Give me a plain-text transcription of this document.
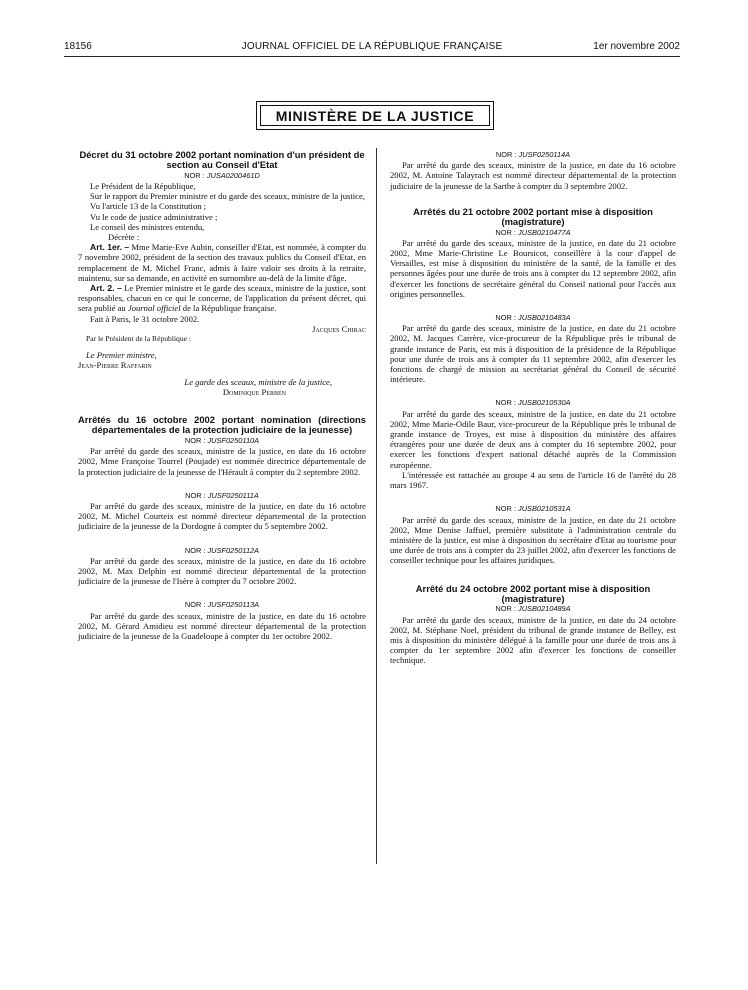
18156	JOURNAL OFFICIEL DE LA RÉPUBLIQUE FRANÇAISE	1er novembre 2002
MINISTÈRE DE LA JUSTICE

Décret du 31 octobre 2002 portant nomination d'un président de section au Conseil d'Etat

NOR : JUSA0200461D

Le Président de la République,

Sur le rapport du Premier ministre et du garde des sceaux, ministre de la justice,

Vu l'article 13 de la Constitution ;

Vu le code de justice administrative ;

Le conseil des ministres entendu,

Décrète :

Art. 1er. – Mme Marie-Eve Aubin, conseiller d'Etat, est nommée, à compter du 7 novembre 2002, président de la section des travaux publics du Conseil d'Etat, en remplacement de M. Michel Franc, admis à faire valoir ses droits à la retraite, maintenu, sur sa demande, en activité en surnombre au-delà de la limite d'âge.

Art. 2. – Le Premier ministre et le garde des sceaux, ministre de la justice, sont responsables, chacun en ce qui le concerne, de l'application du présent décret, qui sera publié au Journal officiel de la République française.

Fait à Paris, le 31 octobre 2002.

Jacques Chirac

Par le Président de la République :

Le Premier ministre,

Jean-Pierre Raffarin

Le garde des sceaux, ministre de la justice,

Dominique Perben

Arrêtés du 16 octobre 2002 portant nomination (directions départementales de la protection judiciaire de la jeunesse)

NOR : JUSF0250110A

Par arrêté du garde des sceaux, ministre de la justice, en date du 16 octobre 2002, Mme Françoise Tourrel (Poujade) est nommée directrice départementale de la protection judiciaire de la jeunesse de l'Hérault à compter du 2 septembre 2002.

NOR : JUSF0250111A

Par arrêté du garde des sceaux, ministre de la justice, en date du 16 octobre 2002, M. Michel Courteix est nommé directeur départemental de la protection judiciaire de la jeunesse de la Dordogne à compter du 5 septembre 2002.

NOR : JUSF0250112A

Par arrêté du garde des sceaux, ministre de la justice, en date du 16 octobre 2002, M. Max Delphin est nommé directeur départemental de la protection judiciaire de la jeunesse de l'Isère à compter du 7 octobre 2002.

NOR : JUSF0250113A

Par arrêté du garde des sceaux, ministre de la justice, en date du 16 octobre 2002, M. Gérard Amidieu est nommé directeur départemental de la protection judiciaire de la jeunesse de la Guadeloupe à compter du 1er octobre 2002.

NOR : JUSF0250114A

Par arrêté du garde des sceaux, ministre de la justice, en date du 16 octobre 2002, M. Antoine Talayrach est nommé directeur départemental de la protection judiciaire de la jeunesse de la Sarthe à compter du 3 septembre 2002.

Arrêtés du 21 octobre 2002 portant mise à disposition (magistrature)

NOR : JUSB0210477A

Par arrêté du garde des sceaux, ministre de la justice, en date du 21 octobre 2002, Mme Marie-Christine Le Boursicot, conseillère à la cour d'appel de Versailles, est mise à disposition du ministère de la santé, de la famille et des personnes âgées pour une durée de trois ans à compter du 12 septembre 2002, afin d'exercer les fonctions de secrétaire général du Conseil national pour l'accès aux origines personnelles.

NOR : JUSB0210483A

Par arrêté du garde des sceaux, ministre de la justice, en date du 21 octobre 2002, M. Jacques Carrère, vice-procureur de la République près le tribunal de grande instance de Paris, est mis à disposition de la présidence de la République pour une durée de trois ans à compter du 11 septembre 2002, afin d'exercer les fonctions de chargé de mission au secrétariat général du Conseil de sécurité intérieure.

NOR : JUSB0210530A

Par arrêté du garde des sceaux, ministre de la justice, en date du 21 octobre 2002, Mme Marie-Odile Baur, vice-procureur de la République près le tribunal de grande instance de Troyes, est mise à disposition du ministère des affaires étrangères pour une durée de deux ans à compter du 16 septembre 2002, pour exercer les fonctions d'expert national détaché auprès de la Commission européenne.

L'intéressée est rattachée au groupe 4 au sens de l'article 16 de l'arrêté du 28 mars 1967.

NOR : JUSB0210531A

Par arrêté du garde des sceaux, ministre de la justice, en date du 21 octobre 2002, Mme Denise Jaffuel, première substitute à l'administration centrale du ministère de la justice, est mise à disposition du secrétaire d'Etat au tourisme pour une durée de trois ans à compter du 23 juillet 2002, afin d'exercer les fonctions de conseiller technique pour les affaires juridiques.

Arrêté du 24 octobre 2002 portant mise à disposition (magistrature)

NOR : JUSB0210489A

Par arrêté du garde des sceaux, ministre de la justice, en date du 24 octobre 2002, M. Stéphane Noel, président du tribunal de grande instance de Belley, est mis à disposition du ministère délégué à la famille pour une durée de trois ans à compter du 1er septembre 2002 afin d'exercer les fonctions de conseiller technique.
